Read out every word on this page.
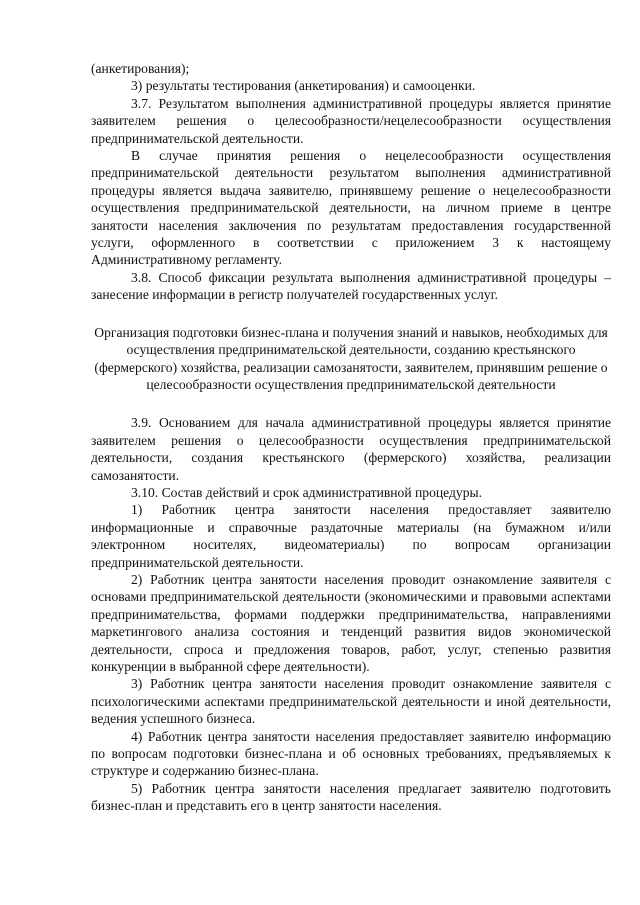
(анкетирования);

3) результаты тестирования (анкетирования) и самооценки.

3.7. Результатом выполнения административной процедуры является принятие заявителем решения о целесообразности/нецелесообразности осуществления предпринимательской деятельности.

В случае принятия решения о нецелесообразности осуществления предпринимательской деятельности результатом выполнения административной процедуры является выдача заявителю, принявшему решение о нецелесообразности осуществления предпринимательской деятельности, на личном приеме в центре занятости населения заключения по результатам предоставления государственной услуги, оформленного в соответствии с приложением 3 к настоящему Административному регламенту.

3.8. Способ фиксации результата выполнения административной процедуры – занесение информации в регистр получателей государственных услуг.

Организация подготовки бизнес-плана и получения знаний и навыков, необходимых для осуществления предпринимательской деятельности, созданию крестьянского (фермерского) хозяйства, реализации самозанятости, заявителем, принявшим решение о целесообразности осуществления предпринимательской деятельности

3.9. Основанием для начала административной процедуры является принятие заявителем решения о целесообразности осуществления предпринимательской деятельности, создания крестьянского (фермерского) хозяйства, реализации самозанятости.

3.10. Состав действий и срок административной процедуры.

1) Работник центра занятости населения предоставляет заявителю информационные и справочные раздаточные материалы (на бумажном и/или электронном носителях, видеоматериалы) по вопросам организации предпринимательской деятельности.

2) Работник центра занятости населения проводит ознакомление заявителя с основами предпринимательской деятельности (экономическими и правовыми аспектами предпринимательства, формами поддержки предпринимательства, направлениями маркетингового анализа состояния и тенденций развития видов экономической деятельности, спроса и предложения товаров, работ, услуг, степенью развития конкуренции в выбранной сфере деятельности).

3) Работник центра занятости населения проводит ознакомление заявителя с психологическими аспектами предпринимательской деятельности и иной деятельности, ведения успешного бизнеса.

4) Работник центра занятости населения предоставляет заявителю информацию по вопросам подготовки бизнес-плана и об основных требованиях, предъявляемых к структуре и содержанию бизнес-плана.

5) Работник центра занятости населения предлагает заявителю подготовить бизнес-план и представить его в центр занятости населения.
